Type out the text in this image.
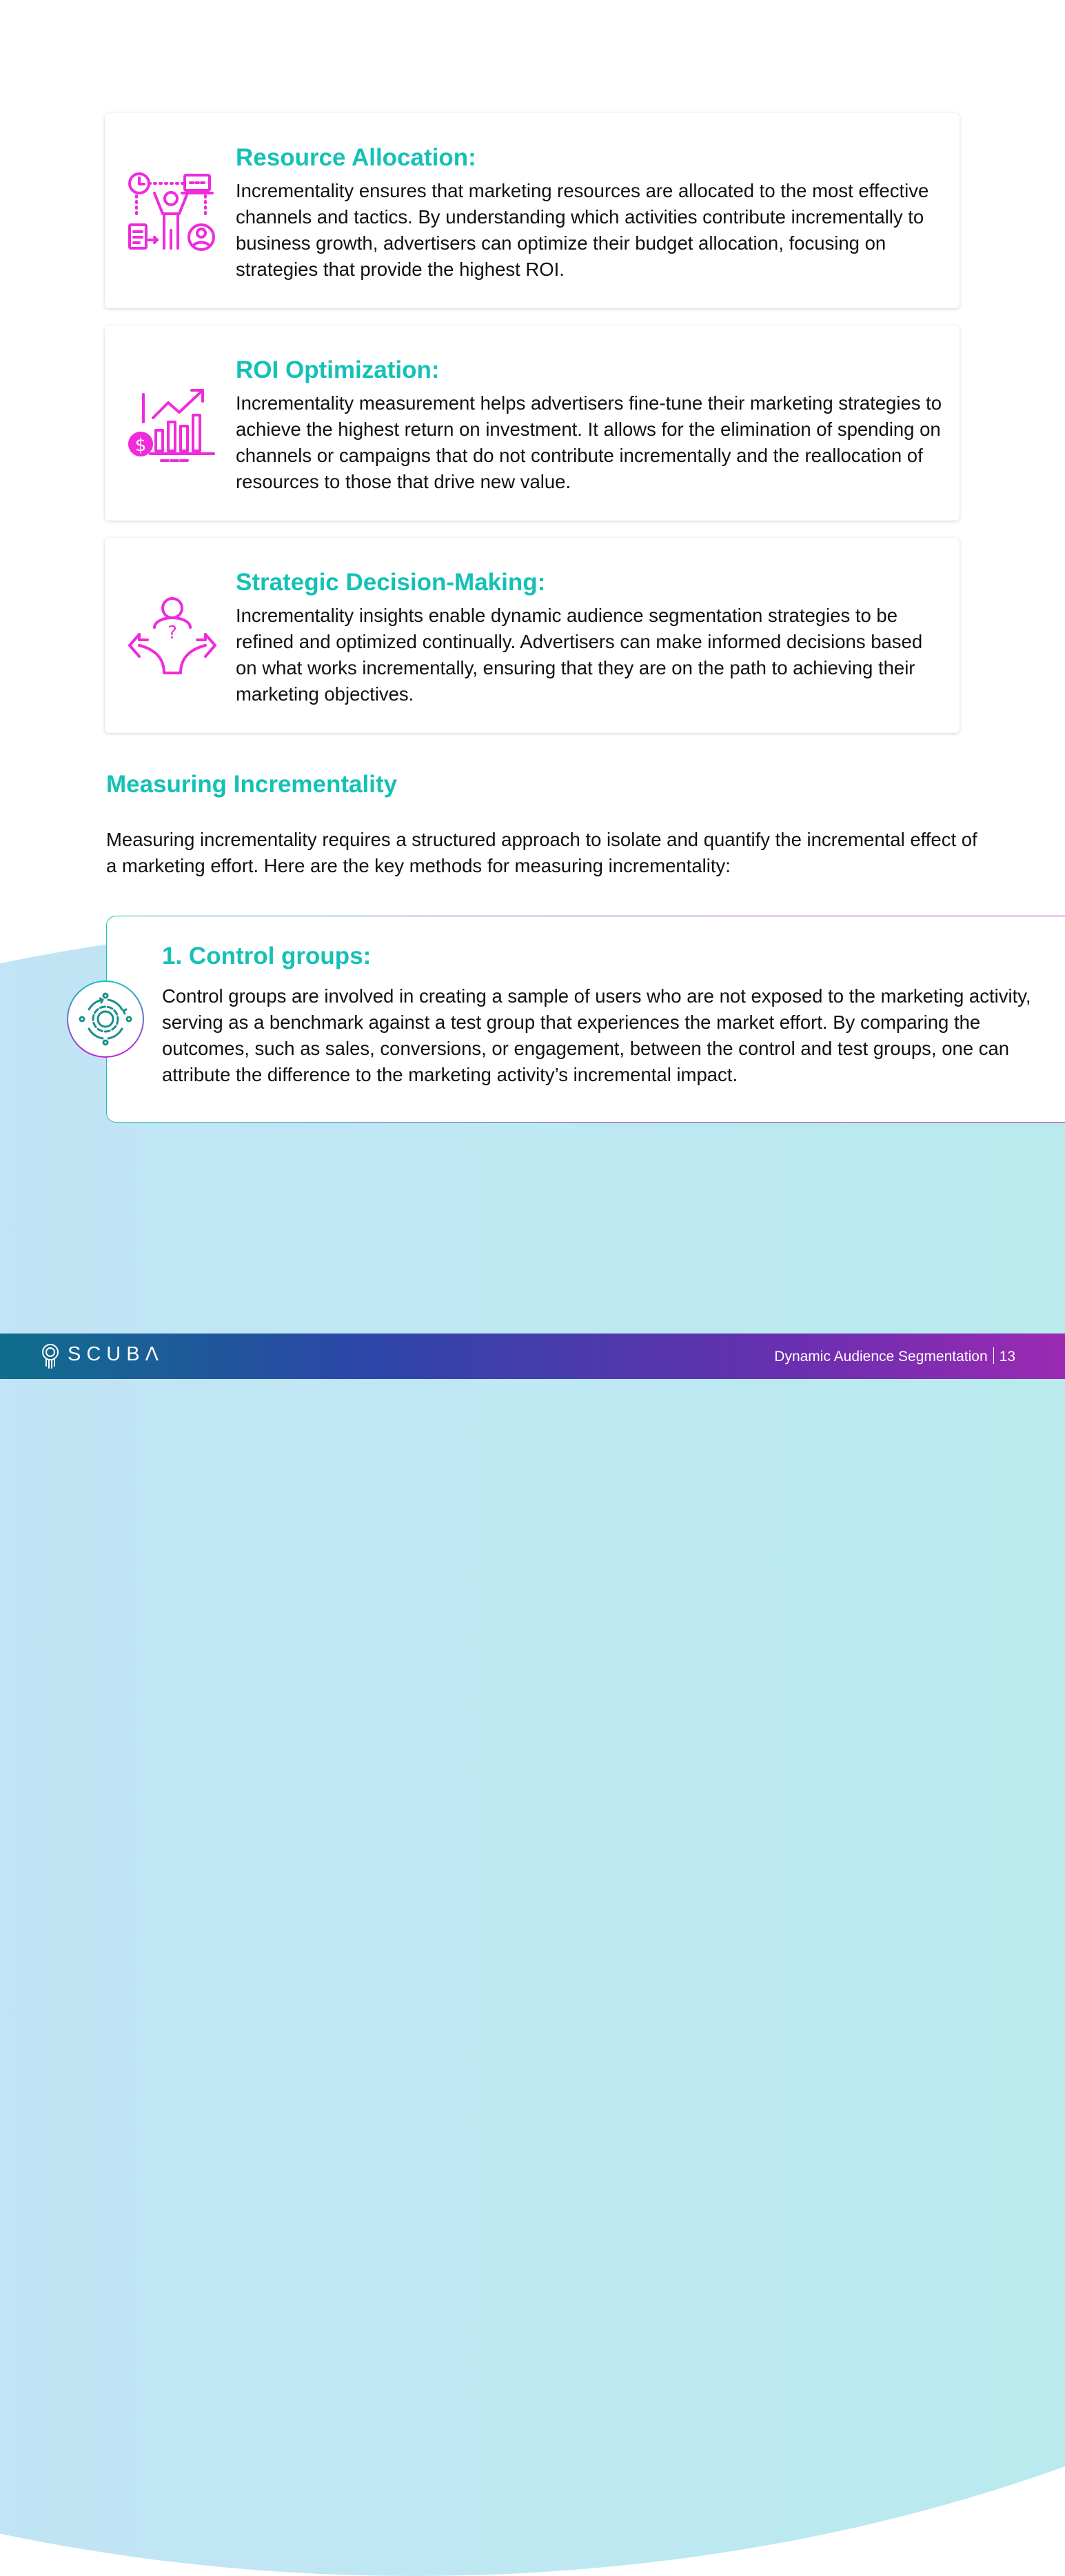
Resource Allocation:

Incrementality ensures that marketing resources are allocated to the most effective channels and tactics. By understanding which activities contribute incrementally to business growth, advertisers can optimize their budget allocation, focusing on strategies that provide the highest ROI.

$
ROI Optimization:

Incrementality measurement helps advertisers fine-tune their marketing strategies to achieve the highest return on investment. It allows for the elimination of spending on channels or campaigns that do not contribute incrementally and the reallocation of resources to those that drive new value.

?
Strategic Decision-Making:

Incrementality insights enable dynamic audience segmentation strategies to be refined and optimized continually. Advertisers can make informed decisions based on what works incrementally, ensuring that they are on the path to achieving their marketing objectives.

Measuring Incrementality

Measuring incrementality requires a structured approach to isolate and quantify the incremental effect of a marketing effort. Here are the key methods for measuring incrementality:

1. Control groups:

Control groups are involved in creating a sample of users who are not exposed to the marketing activity, serving as a benchmark against a test group that experiences the market effort. By comparing the outcomes, such as sales, conversions, or engagement, between the control and test groups, one can attribute the difference to the marketing activity’s incremental impact.

SCUBΛ	Dynamic Audience Segmentation 13
